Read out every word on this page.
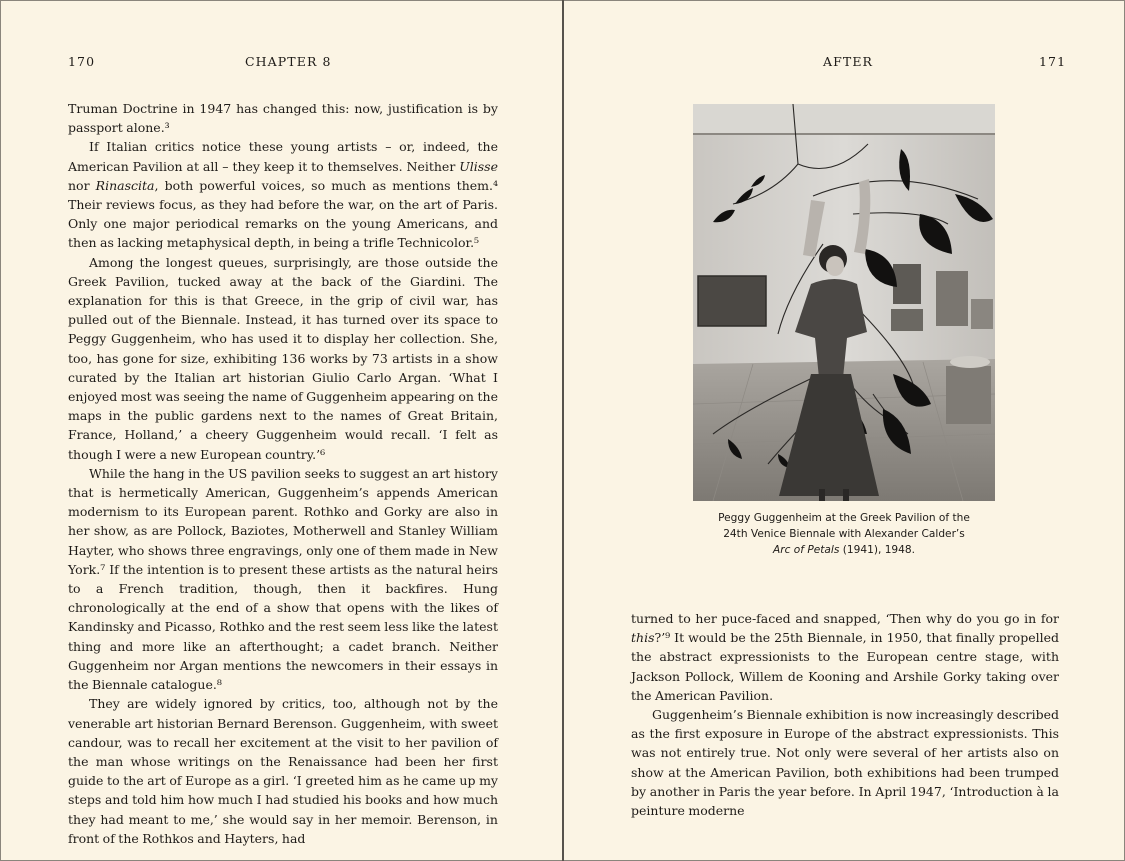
170	CHAPTER 8

Truman Doctrine in 1947 has changed this: now, justification is by passport alone.³

If Italian critics notice these young artists – or, indeed, the American Pavilion at all – they keep it to themselves. Neither Ulisse nor Rinascita, both powerful voices, so much as mentions them.⁴ Their reviews focus, as they had before the war, on the art of Paris. Only one major periodical remarks on the young Americans, and then as lacking metaphysical depth, in being a trifle Technicolor.⁵

Among the longest queues, surprisingly, are those outside the Greek Pavilion, tucked away at the back of the Giardini. The explanation for this is that Greece, in the grip of civil war, has pulled out of the Biennale. Instead, it has turned over its space to Peggy Guggenheim, who has used it to display her collection. She, too, has gone for size, exhibiting 136 works by 73 artists in a show curated by the Italian art historian Giulio Carlo Argan. ‘What I enjoyed most was seeing the name of Guggenheim appearing on the maps in the public gardens next to the names of Great Britain, France, Holland,’ a cheery Guggenheim would recall. ‘I felt as though I were a new European country.’⁶

While the hang in the US pavilion seeks to suggest an art history that is hermetically American, Guggenheim’s appends American modernism to its European parent. Rothko and Gorky are also in her show, as are Pollock, Baziotes, Motherwell and Stanley William Hayter, who shows three engravings, only one of them made in New York.⁷ If the intention is to present these artists as the natural heirs to a French tradition, though, then it backfires. Hung chronologically at the end of a show that opens with the likes of Kandinsky and Picasso, Rothko and the rest seem less like the latest thing and more like an afterthought; a cadet branch. Neither Guggenheim nor Argan mentions the newcomers in their essays in the Biennale catalogue.⁸

They are widely ignored by critics, too, although not by the venerable art historian Bernard Berenson. Guggenheim, with sweet candour, was to recall her excitement at the visit to her pavilion of the man whose writings on the Renaissance had been her first guide to the art of Europe as a girl. ‘I greeted him as he came up my steps and told him how much I had studied his books and how much they had meant to me,’ she would say in her memoir. Berenson, in front of the Rothkos and Hayters, had

AFTER	171
Peggy Guggenheim at the Greek Pavilion of the
24th Venice Biennale with Alexander Calder’s
Arc of Petals (1941), 1948.

turned to her puce-faced and snapped, ‘Then why do you go in for this?’⁹ It would be the 25th Biennale, in 1950, that finally propelled the abstract expressionists to the European centre stage, with Jackson Pollock, Willem de Kooning and Arshile Gorky taking over the American Pavilion.

Guggenheim’s Biennale exhibition is now increasingly described as the first exposure in Europe of the abstract expressionists. This was not entirely true. Not only were several of her artists also on show at the American Pavilion, both exhibitions had been trumped by another in Paris the year before. In April 1947, ‘Introduction à la peinture moderne
